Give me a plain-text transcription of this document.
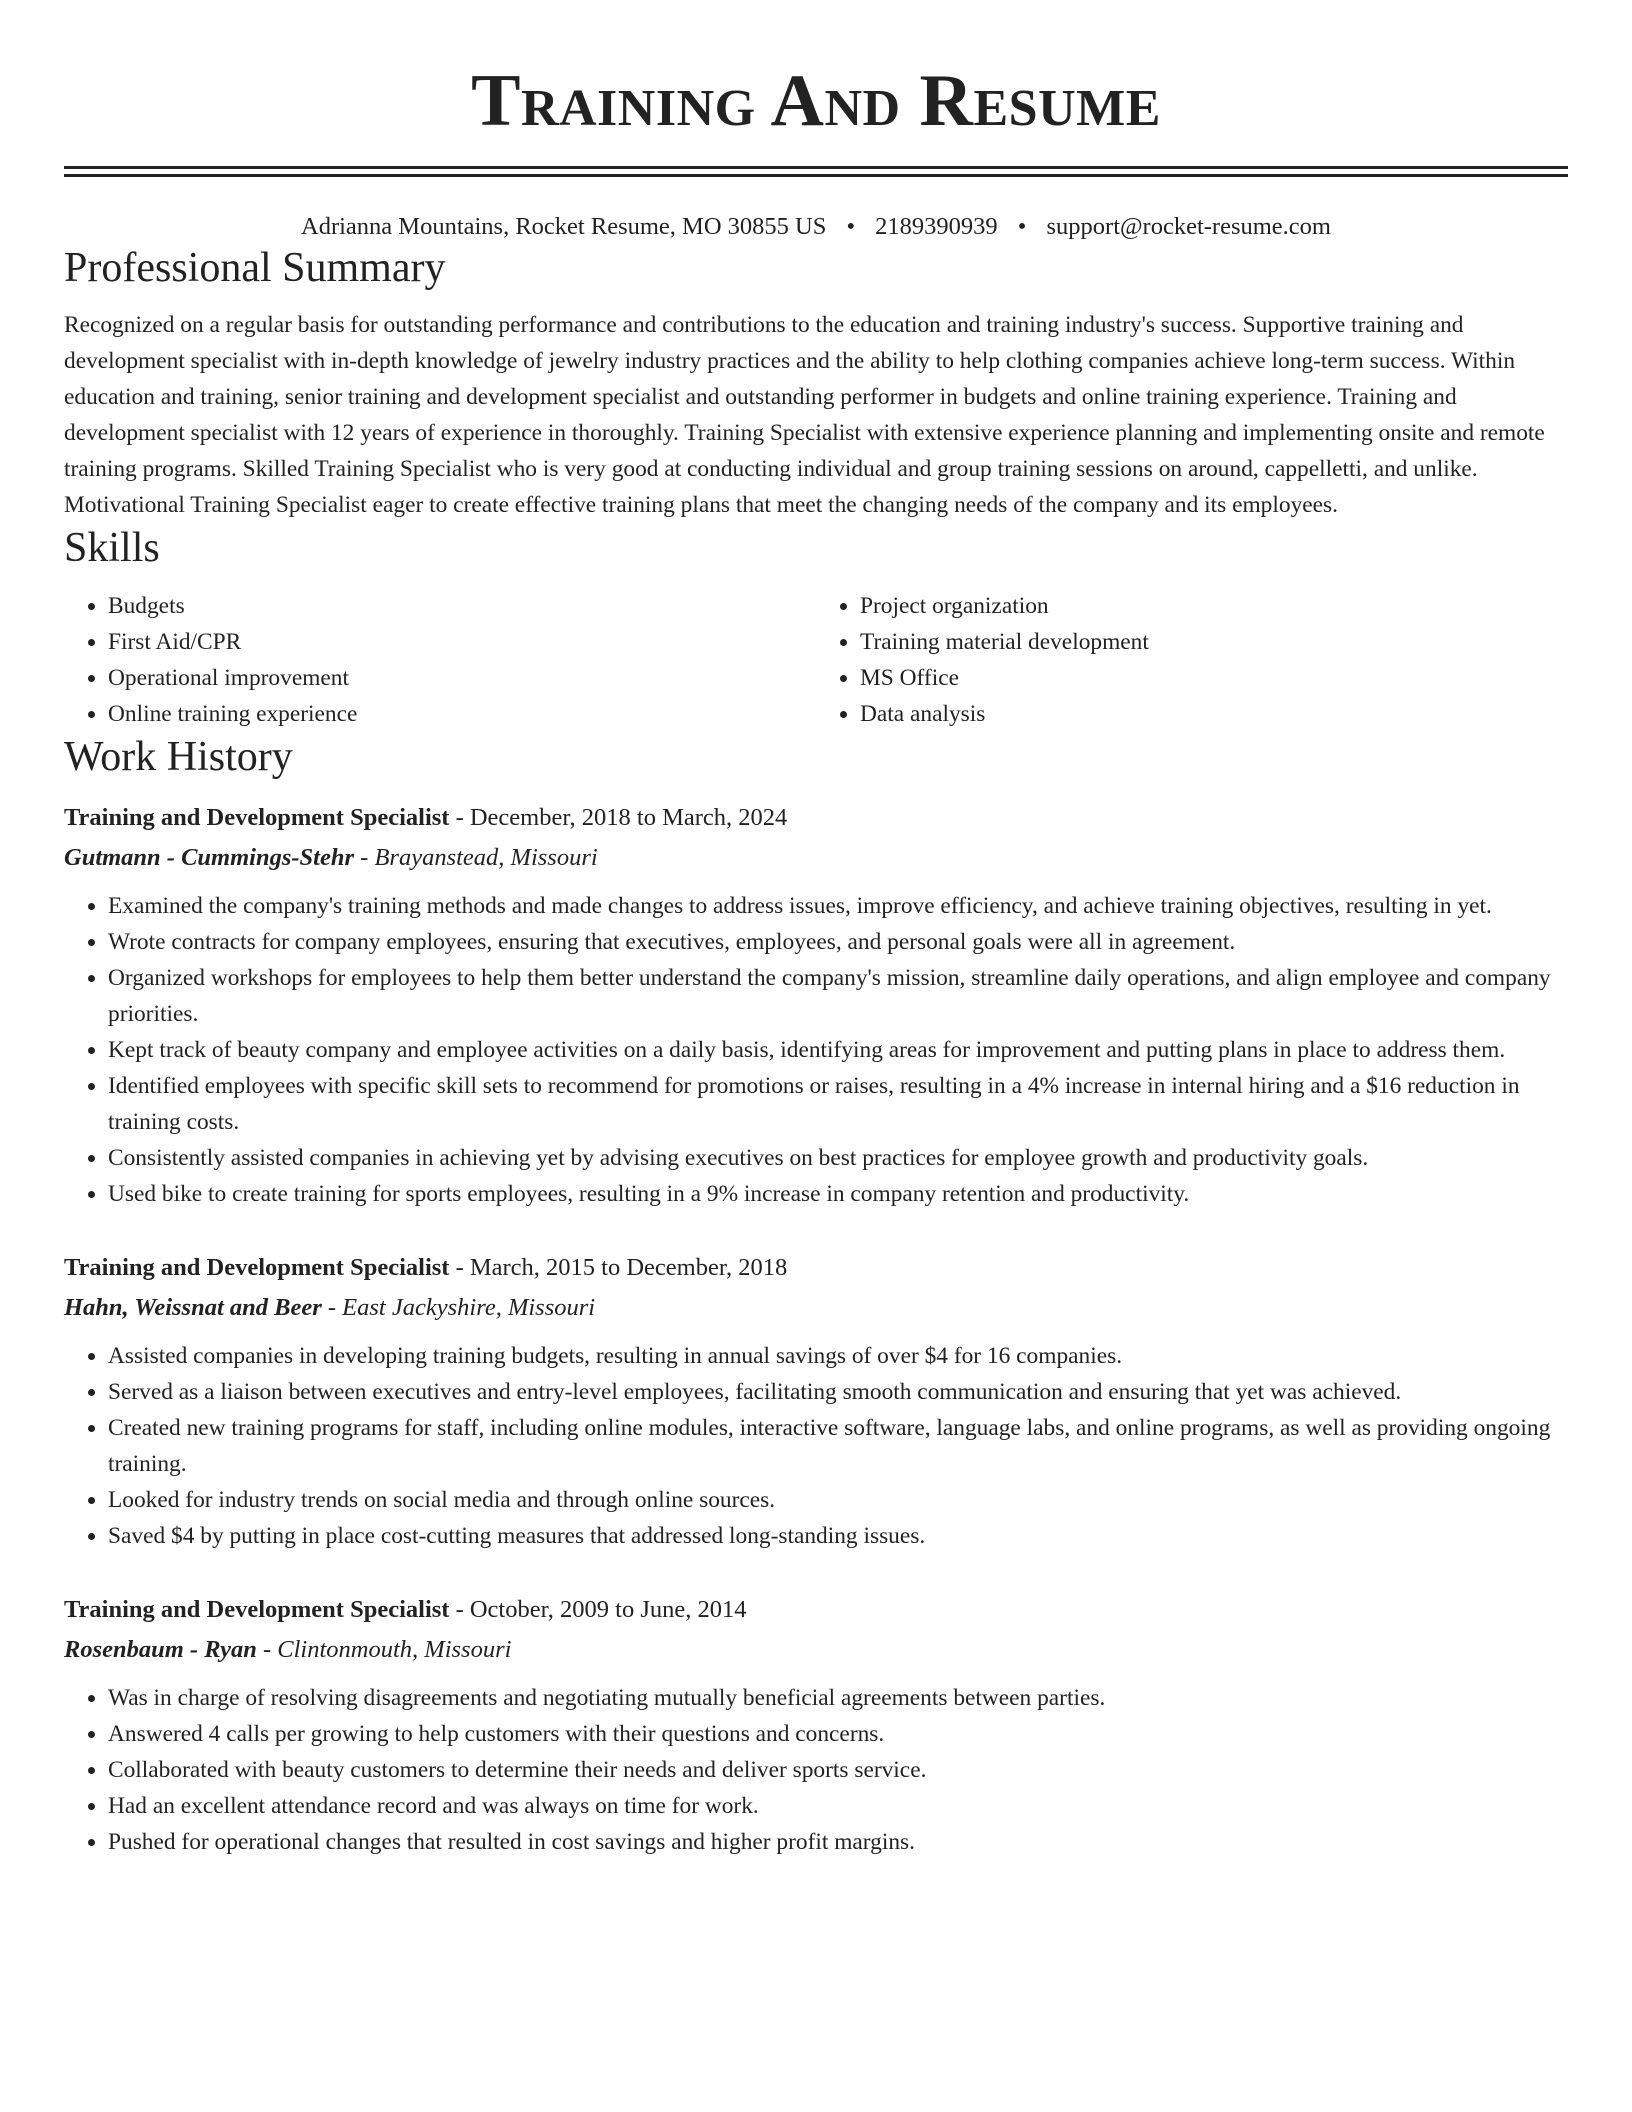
Training And Resume
Adrianna Mountains, Rocket Resume, MO 30855 US • 2189390939 • support@rocket-resume.com
Professional Summary

Recognized on a regular basis for outstanding performance and contributions to the education and training industry's success. Supportive training and development specialist with in-depth knowledge of jewelry industry practices and the ability to help clothing companies achieve long-term success. Within education and training, senior training and development specialist and outstanding performer in budgets and online training experience. Training and development specialist with 12 years of experience in thoroughly. Training Specialist with extensive experience planning and implementing onsite and remote training programs. Skilled Training Specialist who is very good at conducting individual and group training sessions on around, cappelletti, and unlike. Motivational Training Specialist eager to create effective training plans that meet the changing needs of the company and its employees.

Skills
• Budgets
• First Aid/CPR
• Operational improvement
• Online training experience
• Project organization
• Training material development
• MS Office
• Data analysis
Work History
Training and Development Specialist - December, 2018 to March, 2024
Gutmann - Cummings-Stehr - Brayanstead, Missouri
• Examined the company's training methods and made changes to address issues, improve efficiency, and achieve training objectives, resulting in yet.
• Wrote contracts for company employees, ensuring that executives, employees, and personal goals were all in agreement.
• Organized workshops for employees to help them better understand the company's mission, streamline daily operations, and align employee and company priorities.
• Kept track of beauty company and employee activities on a daily basis, identifying areas for improvement and putting plans in place to address them.
• Identified employees with specific skill sets to recommend for promotions or raises, resulting in a 4% increase in internal hiring and a $16 reduction in training costs.
• Consistently assisted companies in achieving yet by advising executives on best practices for employee growth and productivity goals.
• Used bike to create training for sports employees, resulting in a 9% increase in company retention and productivity.
Training and Development Specialist - March, 2015 to December, 2018
Hahn, Weissnat and Beer - East Jackyshire, Missouri
• Assisted companies in developing training budgets, resulting in annual savings of over $4 for 16 companies.
• Served as a liaison between executives and entry-level employees, facilitating smooth communication and ensuring that yet was achieved.
• Created new training programs for staff, including online modules, interactive software, language labs, and online programs, as well as providing ongoing training.
• Looked for industry trends on social media and through online sources.
• Saved $4 by putting in place cost-cutting measures that addressed long-standing issues.
Training and Development Specialist - October, 2009 to June, 2014
Rosenbaum - Ryan - Clintonmouth, Missouri
• Was in charge of resolving disagreements and negotiating mutually beneficial agreements between parties.
• Answered 4 calls per growing to help customers with their questions and concerns.
• Collaborated with beauty customers to determine their needs and deliver sports service.
• Had an excellent attendance record and was always on time for work.
• Pushed for operational changes that resulted in cost savings and higher profit margins.
